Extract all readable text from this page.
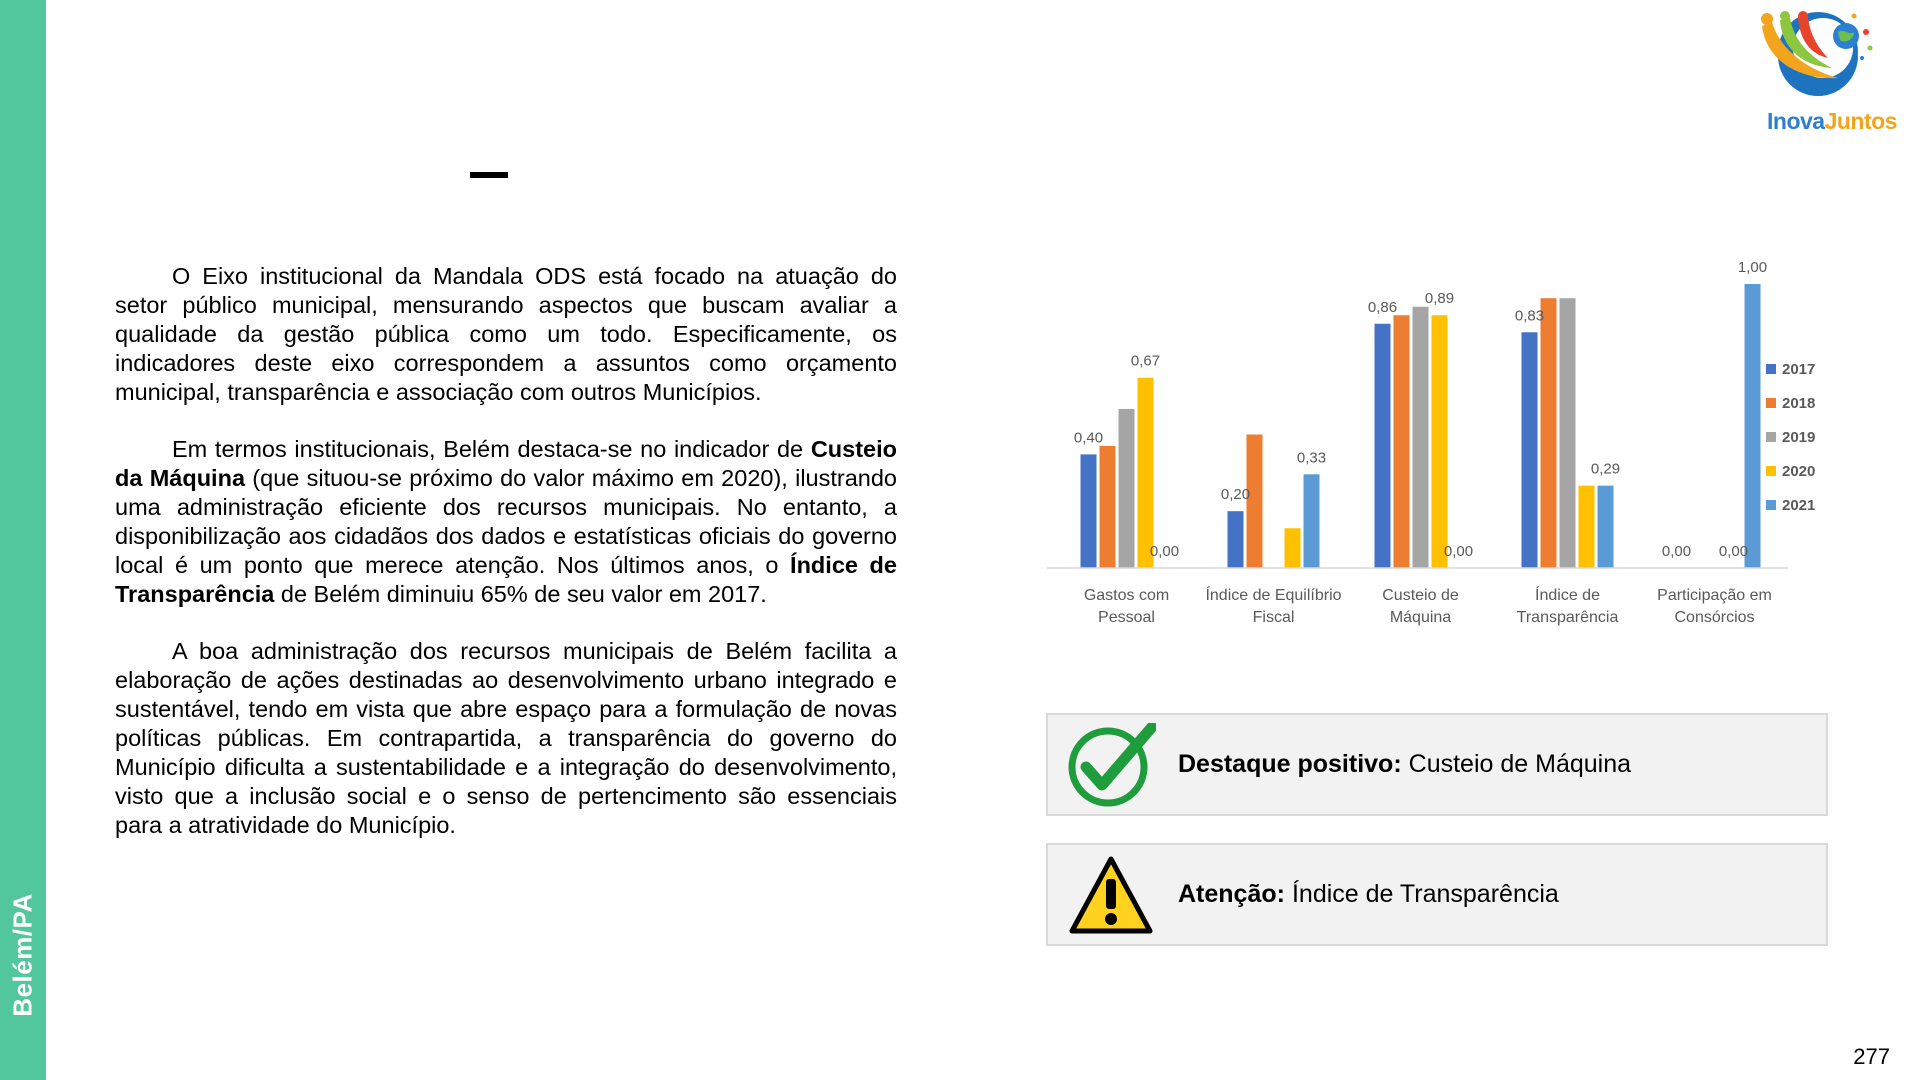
Belém/PA
InovaJuntos

O Eixo institucional da Mandala ODS está focado na atuação do setor público municipal, mensurando aspectos que buscam avaliar a qualidade da gestão pública como um todo. Especificamente, os indicadores deste eixo correspondem a assuntos como orçamento municipal, transparência e associação com outros Municípios.

Em termos institucionais, Belém destaca-se no indicador de Custeio da Máquina (que situou-se próximo do valor máximo em 2020), ilustrando uma administração eficiente dos recursos municipais. No entanto, a disponibilização aos cidadãos dos dados e estatísticas oficiais do governo local é um ponto que merece atenção. Nos últimos anos, o Índice de Transparência de Belém diminuiu 65% de seu valor em 2017.

A boa administração dos recursos municipais de Belém facilita a elaboração de ações destinadas ao desenvolvimento urbano integrado e sustentável, tendo em vista que abre espaço para a formulação de novas políticas públicas. Em contrapartida, a transparência do governo do Município dificulta a sustentabilidade e a integração do desenvolvimento, visto que a inclusão social e o senso de pertencimento são essenciais para a atratividade do Município.

0,40
0,67
0,00
0,20
0,33
0,86
0,89
0,00
0,83
0,29
0,00 0,00
1,00
Gastos com
Pessoal
Índice de Equilíbrio
Fiscal
Custeio de
Máquina
Índice de
Transparência
Participação em
Consórcios
2017
2018
2019
2020
2021
Destaque positivo: Custeio de Máquina
Atenção: Índice de Transparência
277
